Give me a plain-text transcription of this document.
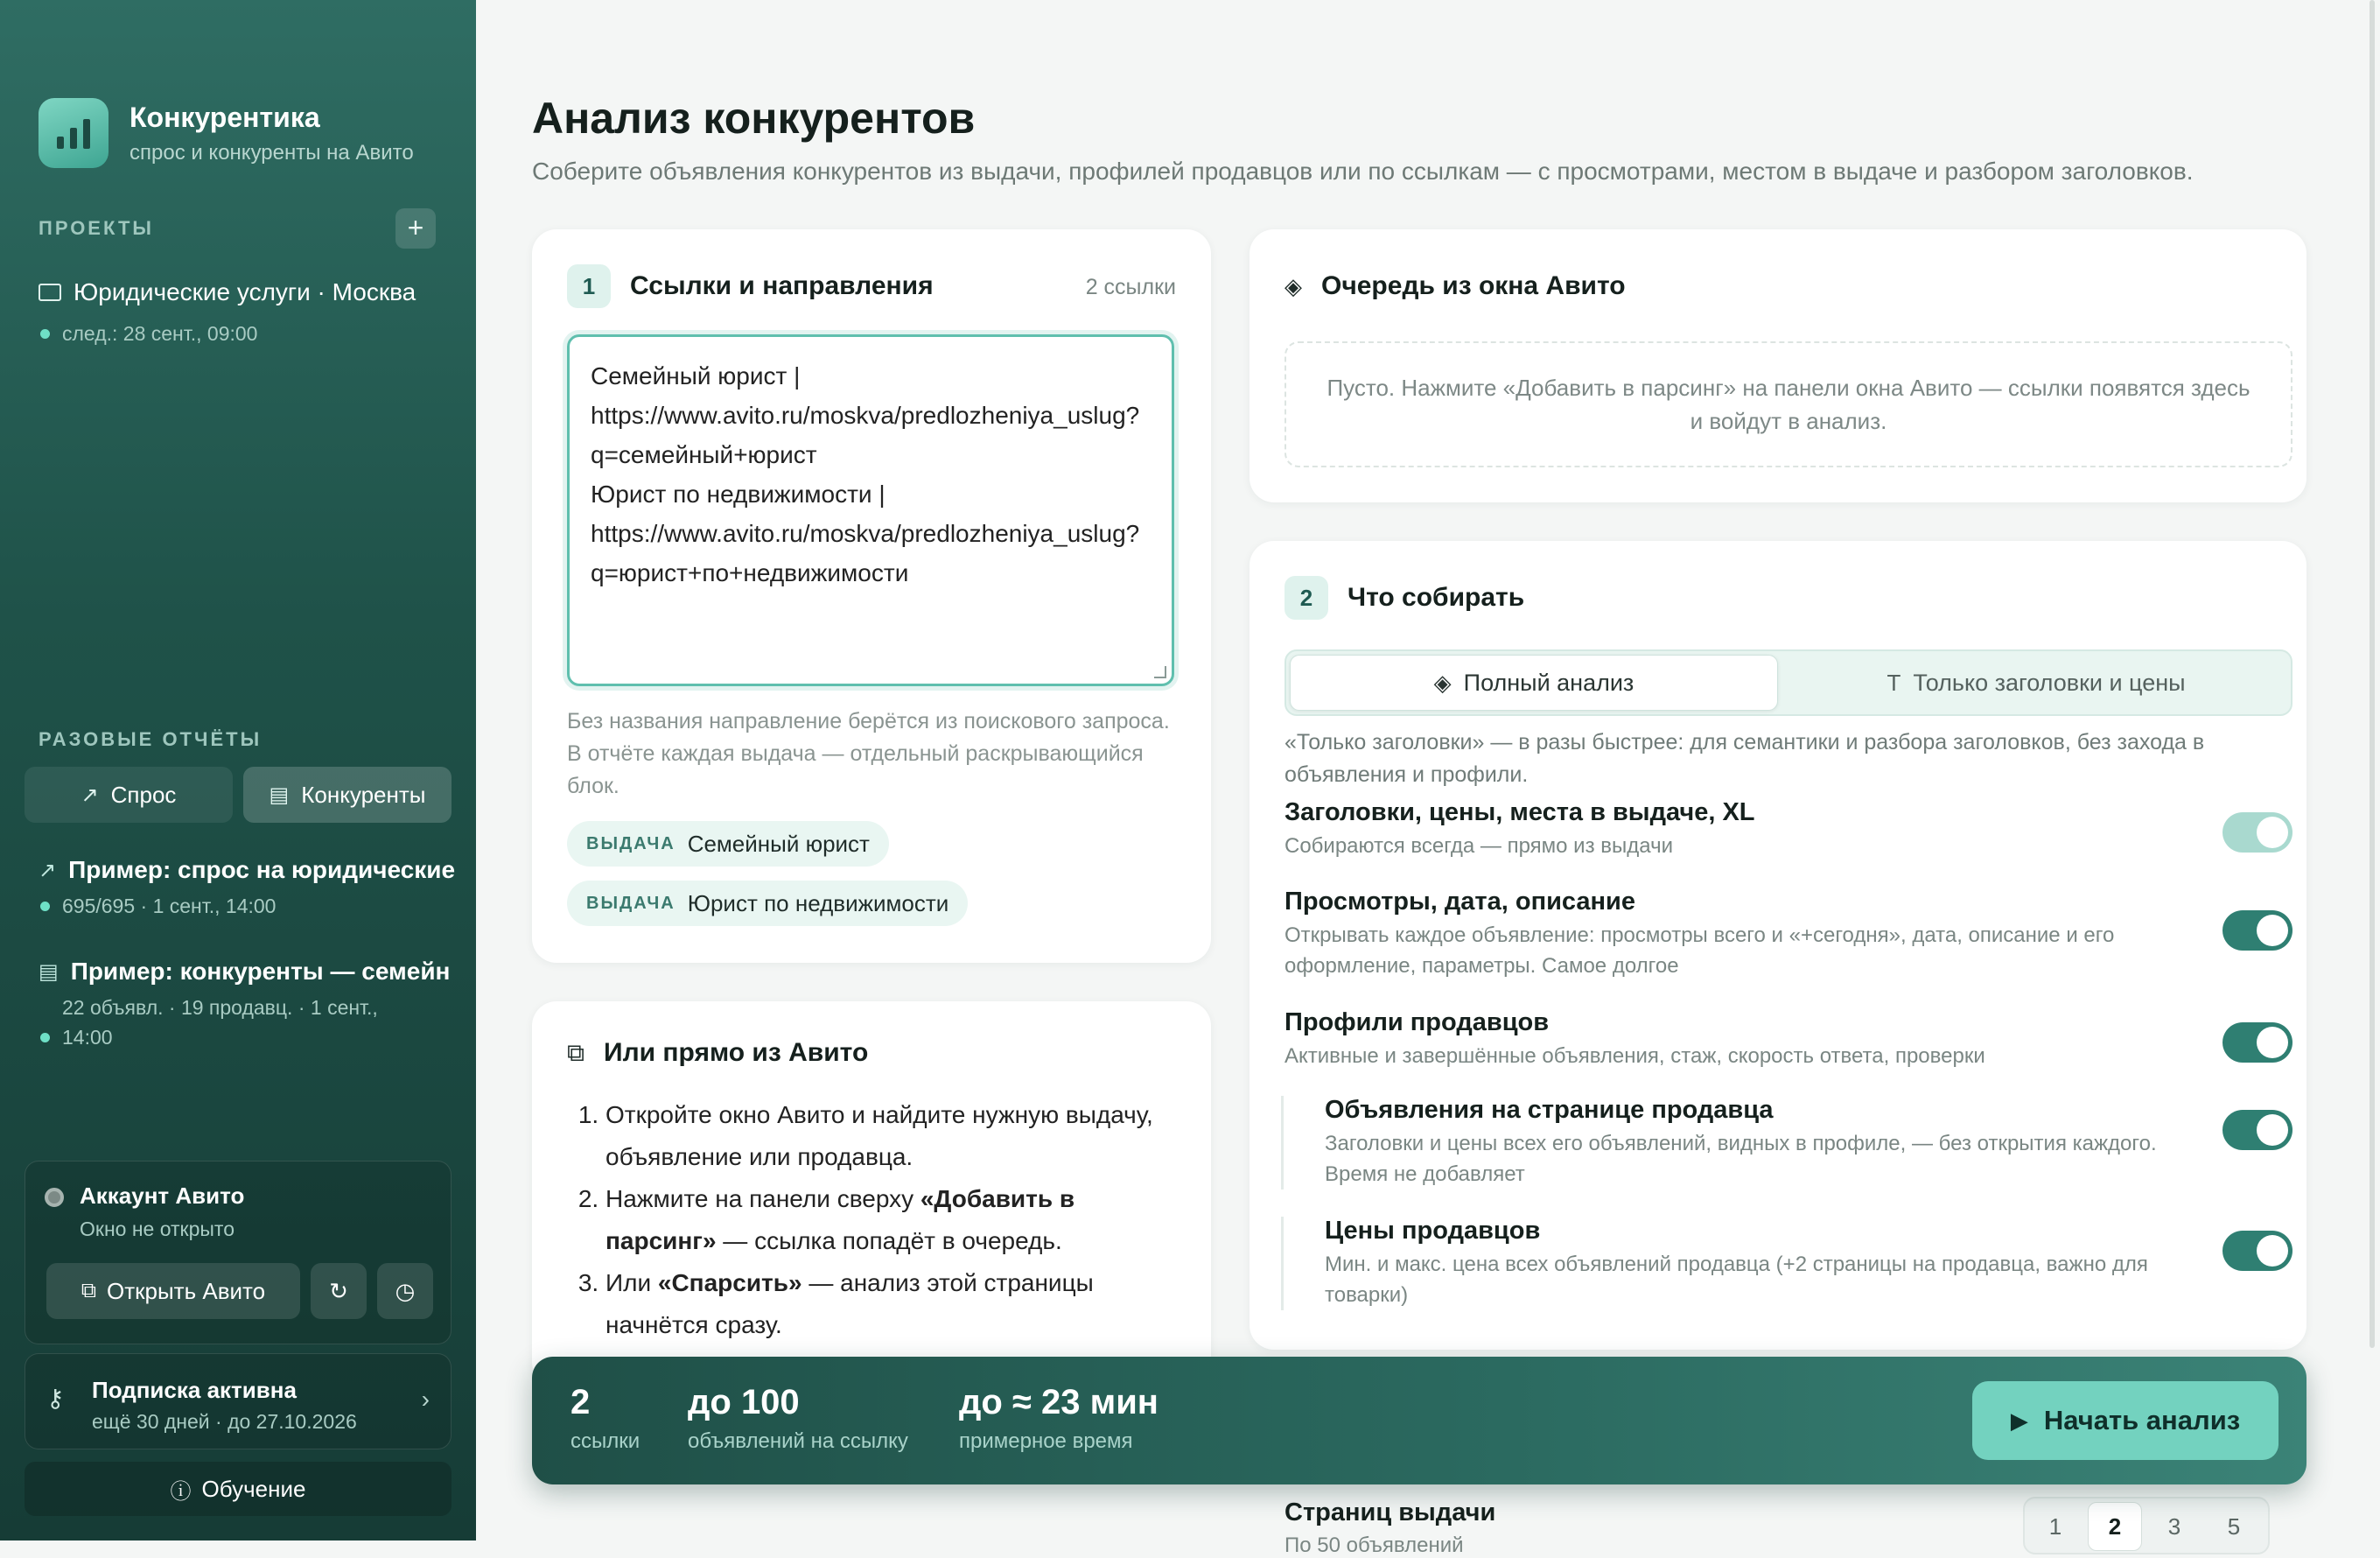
Конкурентика
спрос и конкуренты на Авито
ПРОЕКТЫ	+
Юридические услуги · Москва
след.: 28 сент., 09:00
РАЗОВЫЕ ОТЧЁТЫ
↗ Спрос	▤ Конкуренты
↗ Пример: спрос на юридические
695/695 · 1 сент., 14:00
▤ Пример: конкуренты — семейн
22 объявл. · 19 продавц. · 1 сент., 14:00
Аккаунт Авито
Окно не открыто
⧉ Открыть Авито	↻ ◷
⚷ Подписка активна
ещё 30 дней · до 27.10.2026
›
ⓘ Обучение
Анализ конкурентов
Соберите объявления конкурентов из выдачи, профилей продавцов или по ссылкам — с просмотрами, местом в выдаче и разбором заголовков.
1	Ссылки и направления	2 ссылки
Семейный юрист |
https://www.avito.ru/moskva/predlozheniya_uslug?q=семейный+юрист
Юрист по недвижимости |
https://www.avito.ru/moskva/predlozheniya_uslug?q=юрист+по+недвижимости
Без названия направление берётся из поискового запроса. В отчёте каждая выдача — отдельный раскрывающийся блок.
ВЫДАЧА Семейный юрист
ВЫДАЧА Юрист по недвижимости
⧉ Или прямо из Авито
1. Откройте окно Авито и найдите нужную выдачу, объявление или продавца.
2. Нажмите на панели сверху «Добавить в парсинг» — ссылка попадёт в очередь.
3. Или «Спарсить» — анализ этой страницы начнётся сразу.
◈ Очередь из окна Авито
Пусто. Нажмите «Добавить в парсинг» на панели окна Авито — ссылки появятся здесь и войдут в анализ.
2	Что собирать
◈ Полный анализ	T Только заголовки и цены
«Только заголовки» — в разы быстрее: для семантики и разбора заголовков, без захода в объявления и профили.
Заголовки, цены, места в выдаче, XL
Собираются всегда — прямо из выдачи
Просмотры, дата, описание
Открывать каждое объявление: просмотры всего и «+сегодня», дата, описание и его оформление, параметры. Самое долгое
Профили продавцов
Активные и завершённые объявления, стаж, скорость ответа, проверки
Объявления на странице продавца
Заголовки и цены всех его объявлений, видных в профиле, — без открытия каждого. Время не добавляет
Цены продавцов
Мин. и макс. цена всех объявлений продавца (+2 страницы на продавца, важно для товарки)
Страниц выдачи
По 50 объявлений
1	2	3	5
2
ссылки
до 100
объявлений на ссылку
до ≈ 23 мин
примерное время
▶ Начать анализ
